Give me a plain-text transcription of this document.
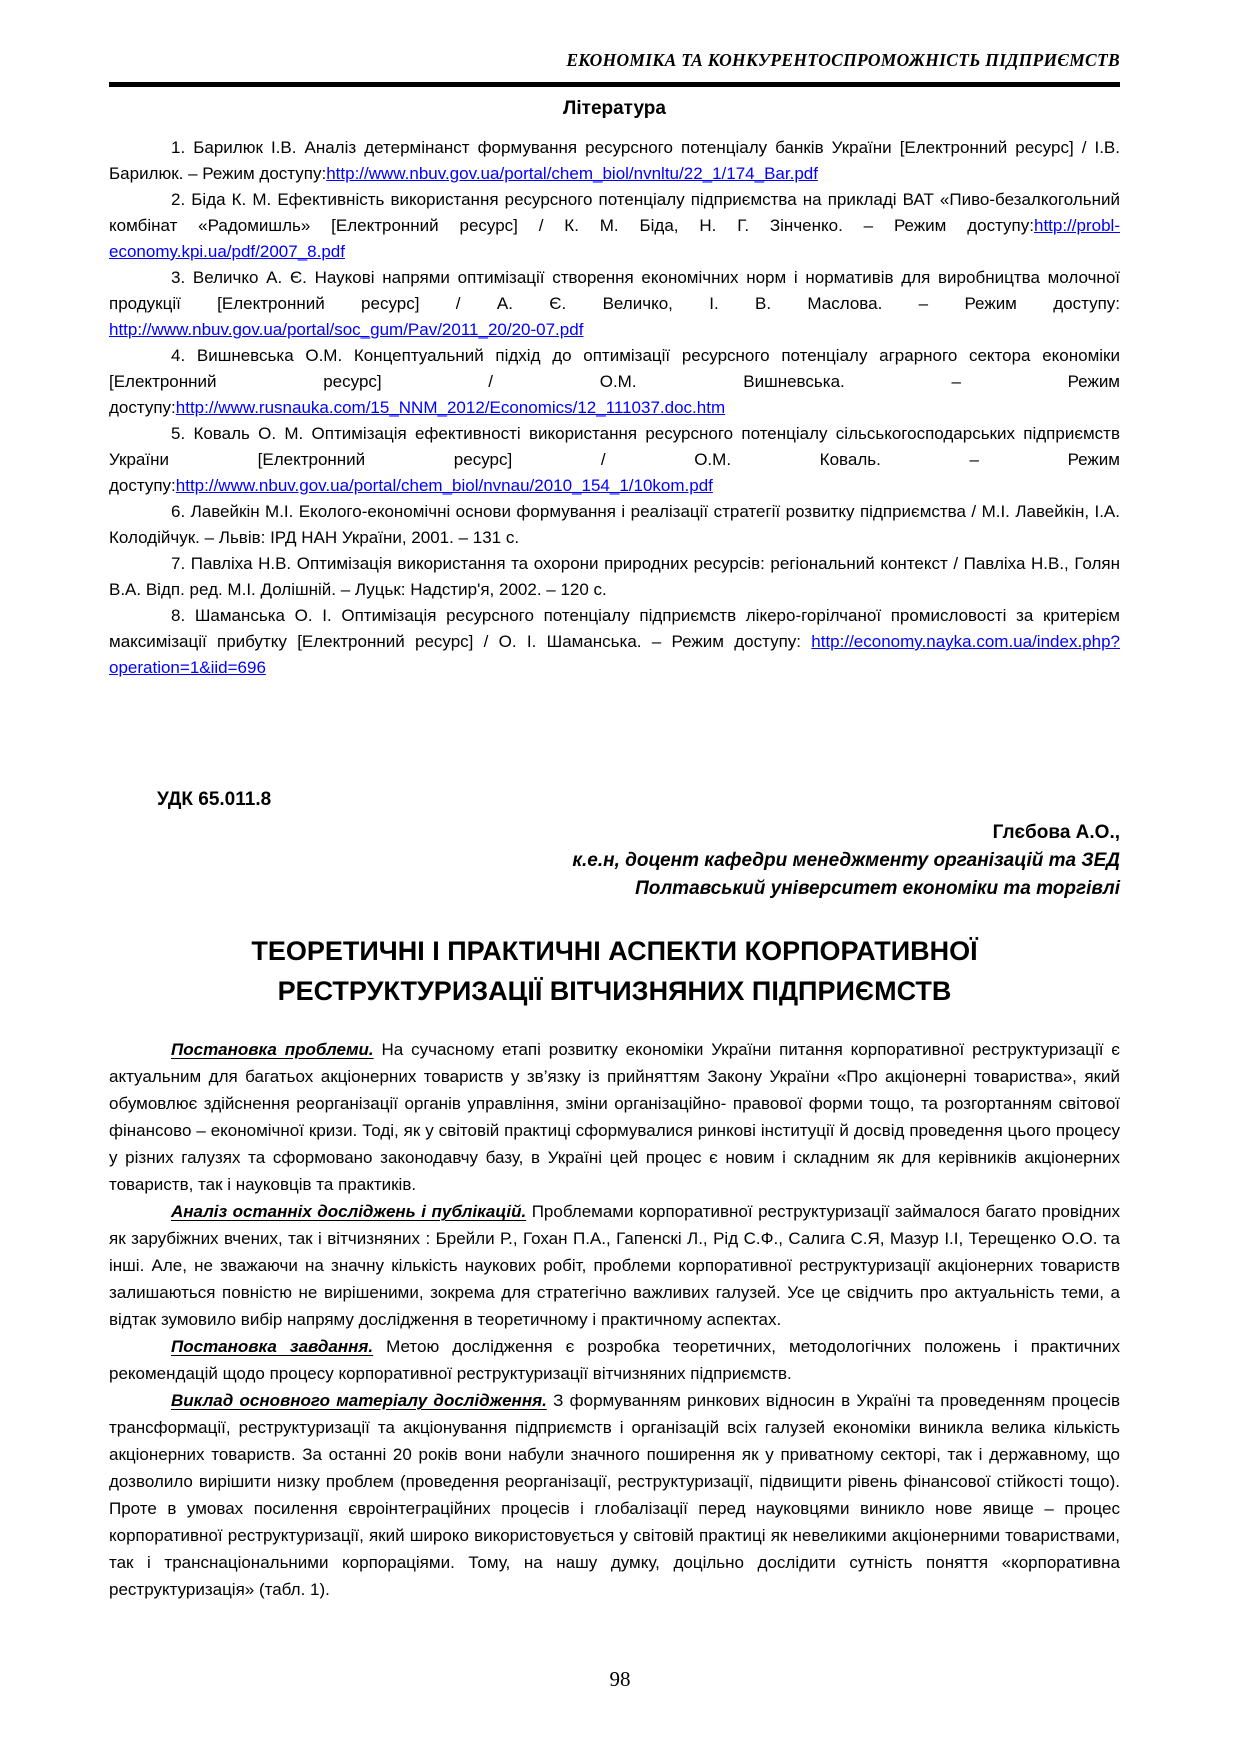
ЕКОНОМІКА ТА КОНКУРЕНТОСПРОМОЖНІСТЬ ПІДПРИЄМСТВ
Література

1. Барилюк І.В. Аналіз детермінанст формування ресурсного потенціалу банків України [Електронний ресурс] / І.В. Барилюк. – Режим доступу:http://www.nbuv.gov.ua/portal/chem_biol/nvnltu/22_1/174_Bar.pdf

2. Біда К. М. Ефективність використання ресурсного потенціалу підприємства на прикладі ВАТ «Пиво-безалкогольний комбінат «Радомишль» [Електронний ресурс] / К. М. Біда, Н. Г. Зінченко. – Режим доступу:http://probl-economy.kpi.ua/pdf/2007_8.pdf

3. Величко А. Є. Наукові напрями оптимізації створення економічних норм і нормативів для виробництва молочної продукції [Електронний ресурс] / А. Є. Величко, І. В. Маслова. – Режим доступу: http://www.nbuv.gov.ua/portal/soc_gum/Pav/2011_20/20-07.pdf

4. Вишневська О.М. Концептуальний підхід до оптимізації ресурсного потенціалу аграрного сектора економіки [Електронний ресурс] / О.М. Вишневська. – Режим доступу:http://www.rusnauka.com/15_NNM_2012/Economics/12_111037.doc.htm

5. Коваль О. М. Оптимізація ефективності використання ресурсного потенціалу сільськогосподарських підприємств України [Електронний ресурс] / О.М. Коваль. – Режим доступу:http://www.nbuv.gov.ua/portal/chem_biol/nvnau/2010_154_1/10kom.pdf

6. Лавейкін М.І. Еколого-економічні основи формування і реалізації стратегії розвитку підприємства / М.І. Лавейкін, І.А. Колодійчук. – Львів: ІРД НАН України, 2001. – 131 с.

7. Павліха Н.В. Оптимізація використання та охорони природних ресурсів: регіональний контекст / Павліха Н.В., Голян В.А. Відп. ред. М.І. Долішній. – Луцьк: Надстир'я, 2002. – 120 с.

8. Шаманська О. І. Оптимізація ресурсного потенціалу підприємств лікеро-горілчаної промисловості за критерієм максимізації прибутку [Електронний ресурс] / О. І. Шаманська. – Режим доступу: http://economy.nayka.com.ua/index.php?operation=1&iid=696

УДК 65.011.8
Глєбова А.О.,
к.е.н, доцент кафедри менеджменту організацій та ЗЕД
Полтавський університет економіки та торгівлі
ТЕОРЕТИЧНІ І ПРАКТИЧНІ АСПЕКТИ КОРПОРАТИВНОЇ РЕСТРУКТУРИЗАЦІЇ ВІТЧИЗНЯНИХ ПІДПРИЄМСТВ

Постановка проблеми. На сучасному етапі розвитку економіки України питання корпоративної реструктуризації є актуальним для багатьох акціонерних товариств у зв’язку із прийняттям Закону України «Про акціонерні товариства», який обумовлює здійснення реорганізації органів управління, зміни організаційно- правової форми тощо, та розгортанням світової фінансово – економічної кризи. Тоді, як у світовій практиці сформувалися ринкові інституції й досвід проведення цього процесу у різних галузях та сформовано законодавчу базу, в Україні цей процес є новим і складним як для керівників акціонерних товариств, так і науковців та практиків.

Аналіз останніх досліджень і публікацій. Проблемами корпоративної реструктуризації займалося багато провідних як зарубіжних вчених, так і вітчизняних : Брейли Р., Гохан П.А., Гапенскі Л., Рід С.Ф., Салига С.Я, Мазур І.І, Терещенко О.О. та інші. Але, не зважаючи на значну кількість наукових робіт, проблеми корпоративної реструктуризації акціонерних товариств залишаються повністю не вирішеними, зокрема для стратегічно важливих галузей. Усе це свідчить про актуальність теми, а відтак зумовило вибір напряму дослідження в теоретичному і практичному аспектах.

Постановка завдання. Метою дослідження є розробка теоретичних, методологічних положень і практичних рекомендацій щодо процесу корпоративної реструктуризації вітчизняних підприємств.

Виклад основного матеріалу дослідження. З формуванням ринкових відносин в Україні та проведенням процесів трансформації, реструктуризації та акціонування підприємств і організацій всіх галузей економіки виникла велика кількість акціонерних товариств. За останні 20 років вони набули значного поширення як у приватному секторі, так і державному, що дозволило вирішити низку проблем (проведення реорганізації, реструктуризації, підвищити рівень фінансової стійкості тощо). Проте в умовах посилення євроінтеграційних процесів і глобалізації перед науковцями виникло нове явище – процес корпоративної реструктуризації, який широко використовується у світовій практиці як невеликими акціонерними товариствами, так і транснаціональними корпораціями. Тому, на нашу думку, доцільно дослідити сутність поняття «корпоративна реструктуризація» (табл. 1).

98
